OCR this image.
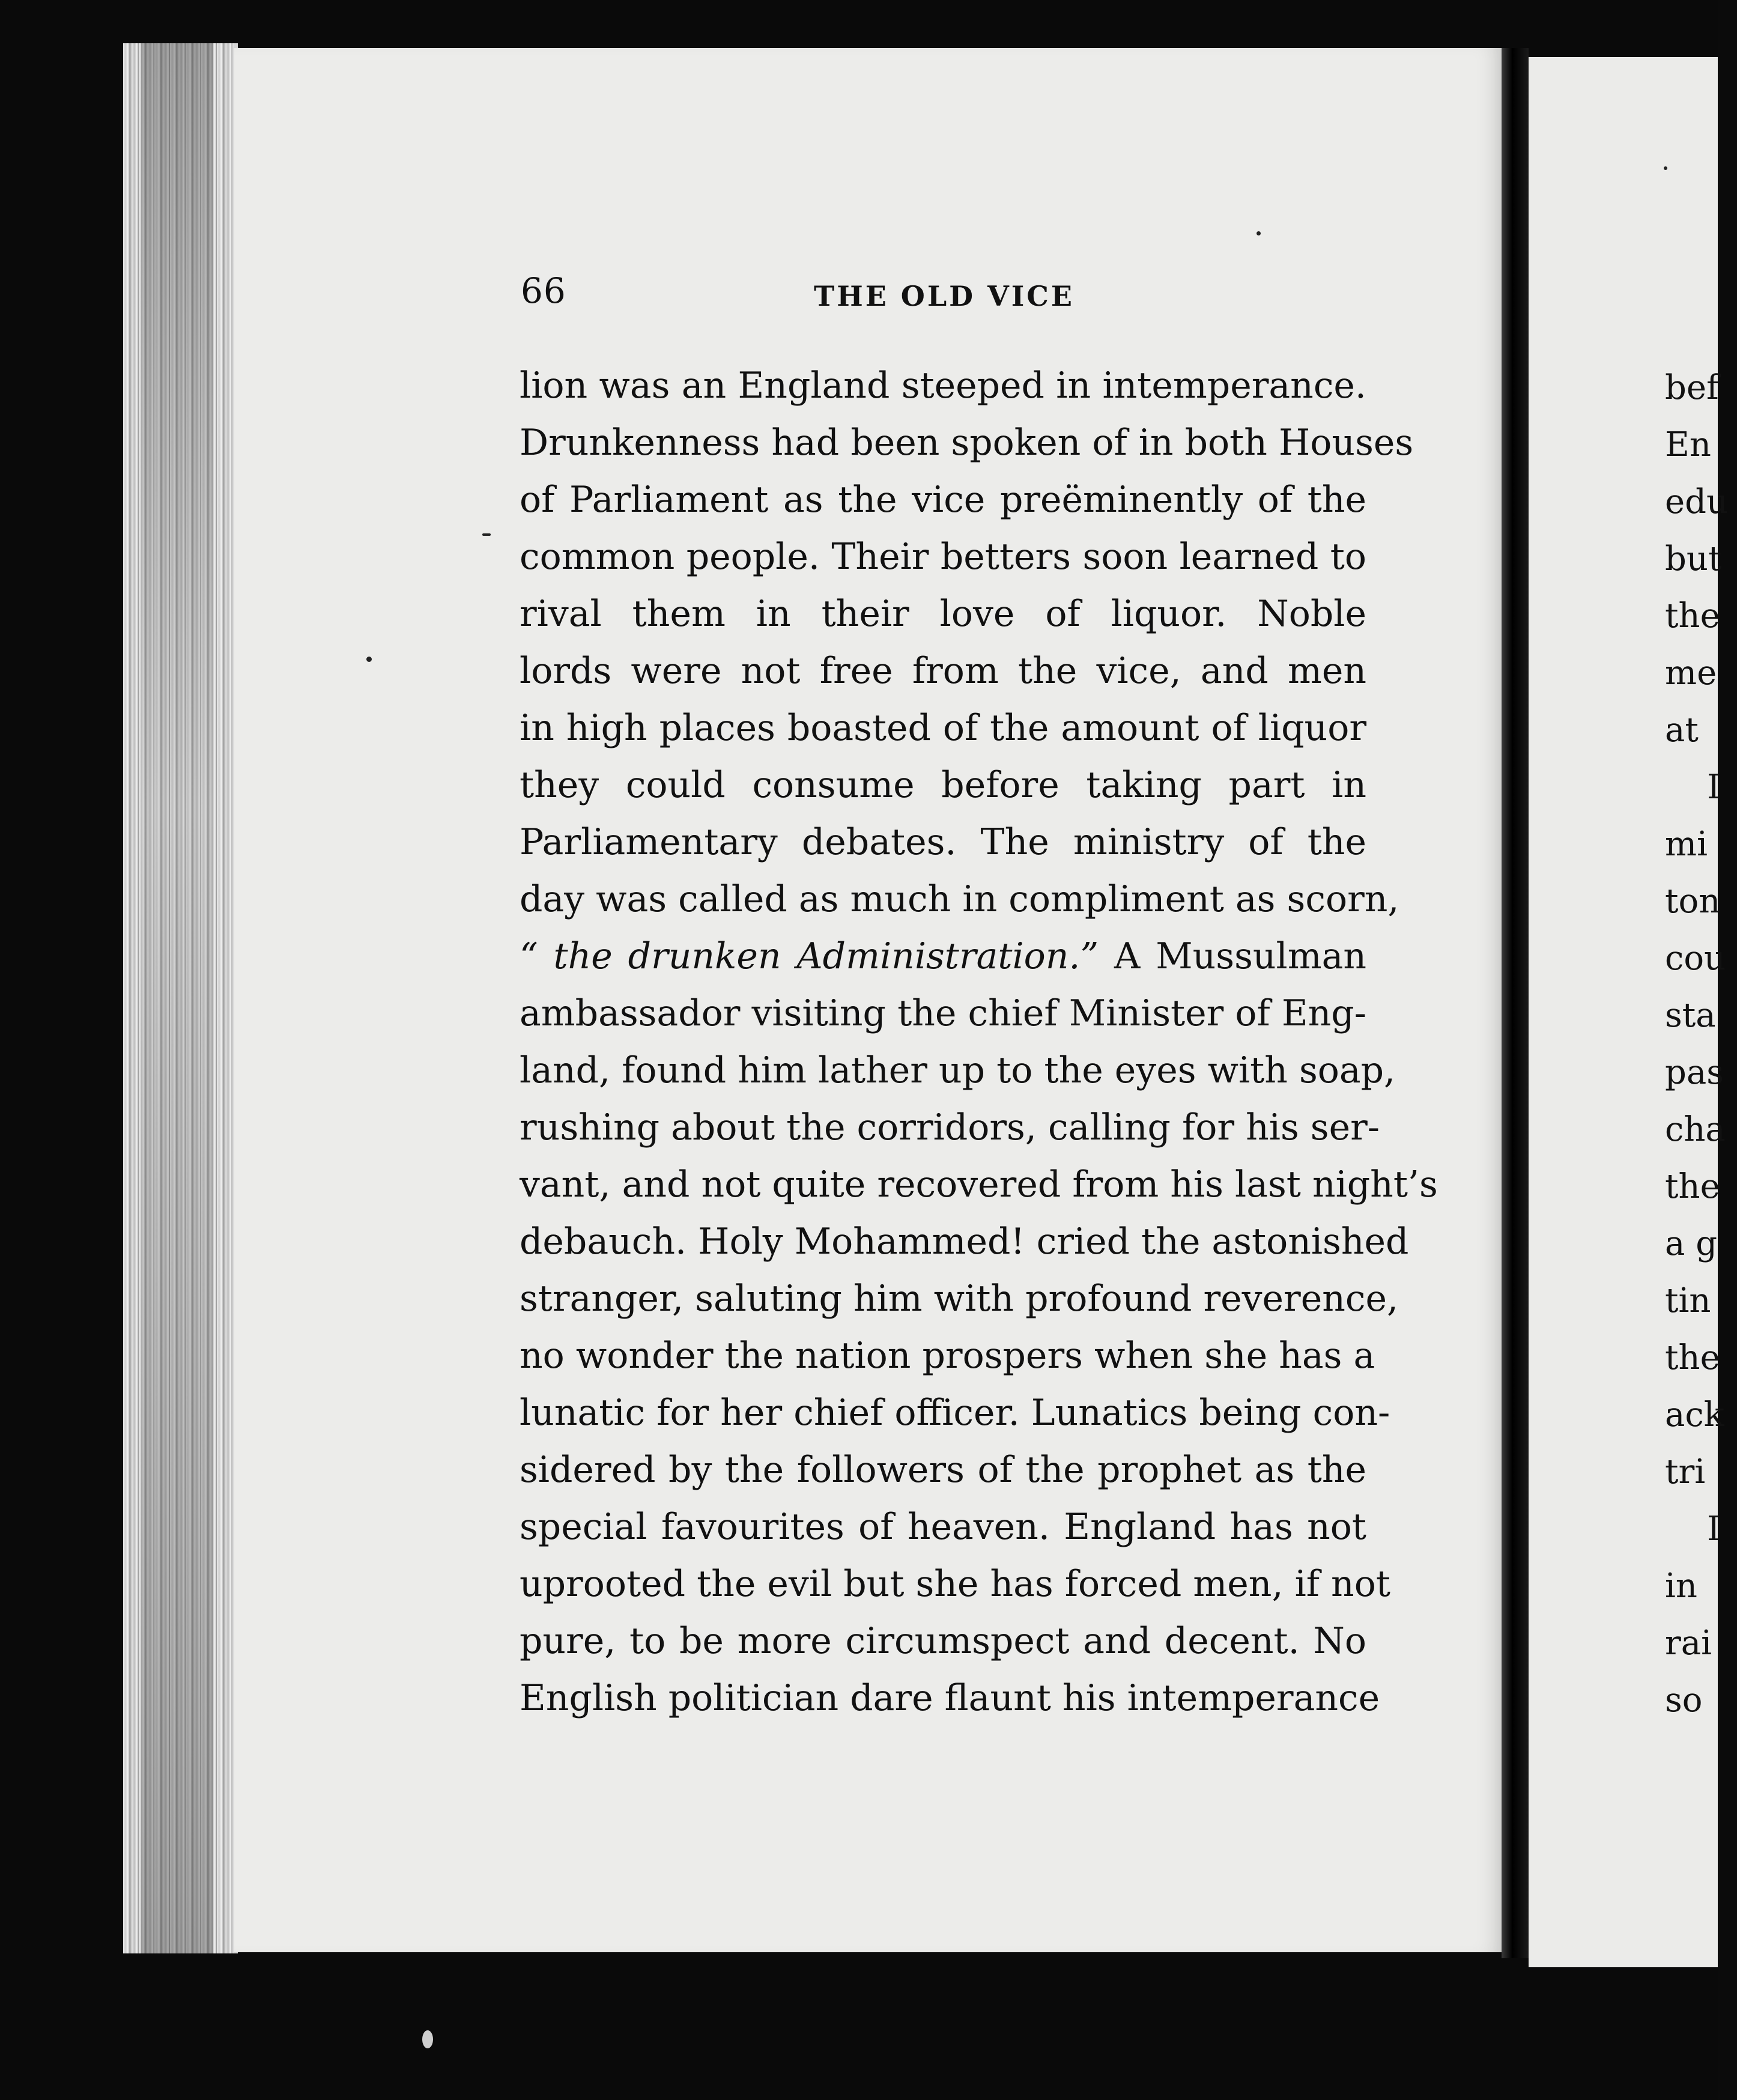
66	THE OLD VICE
lion was an England steeped in intemperance.
Drunkenness had been spoken of in both Houses
of Parliament as the vice preëminently of the
common people. Their betters soon learned to
rival them in their love of liquor. Noble
lords were not free from the vice, and men
in high places boasted of the amount of liquor
they could consume before taking part in
Parliamentary debates. The ministry of the
day was called as much in compliment as scorn,
“ the drunken Administration.” A Mussulman
ambassador visiting the chief Minister of Eng-
land, found him lather up to the eyes with soap,
rushing about the corridors, calling for his ser-
vant, and not quite recovered from his last night’s
debauch. Holy Mohammed! cried the astonished
stranger, saluting him with profound reverence,
no wonder the nation prospers when she has a
lunatic for her chief officer. Lunatics being con-
sidered by the followers of the prophet as the
special favourites of heaven. England has not
uprooted the evil but she has forced men, if not
pure, to be more circumspect and decent. No
English politician dare flaunt his intemperance
bef
En
edu
but
the
me
at
I
mi
ton
cou
sta
pas
cha
the
a g
tin
the
ack
tri
I
in
rai
so
